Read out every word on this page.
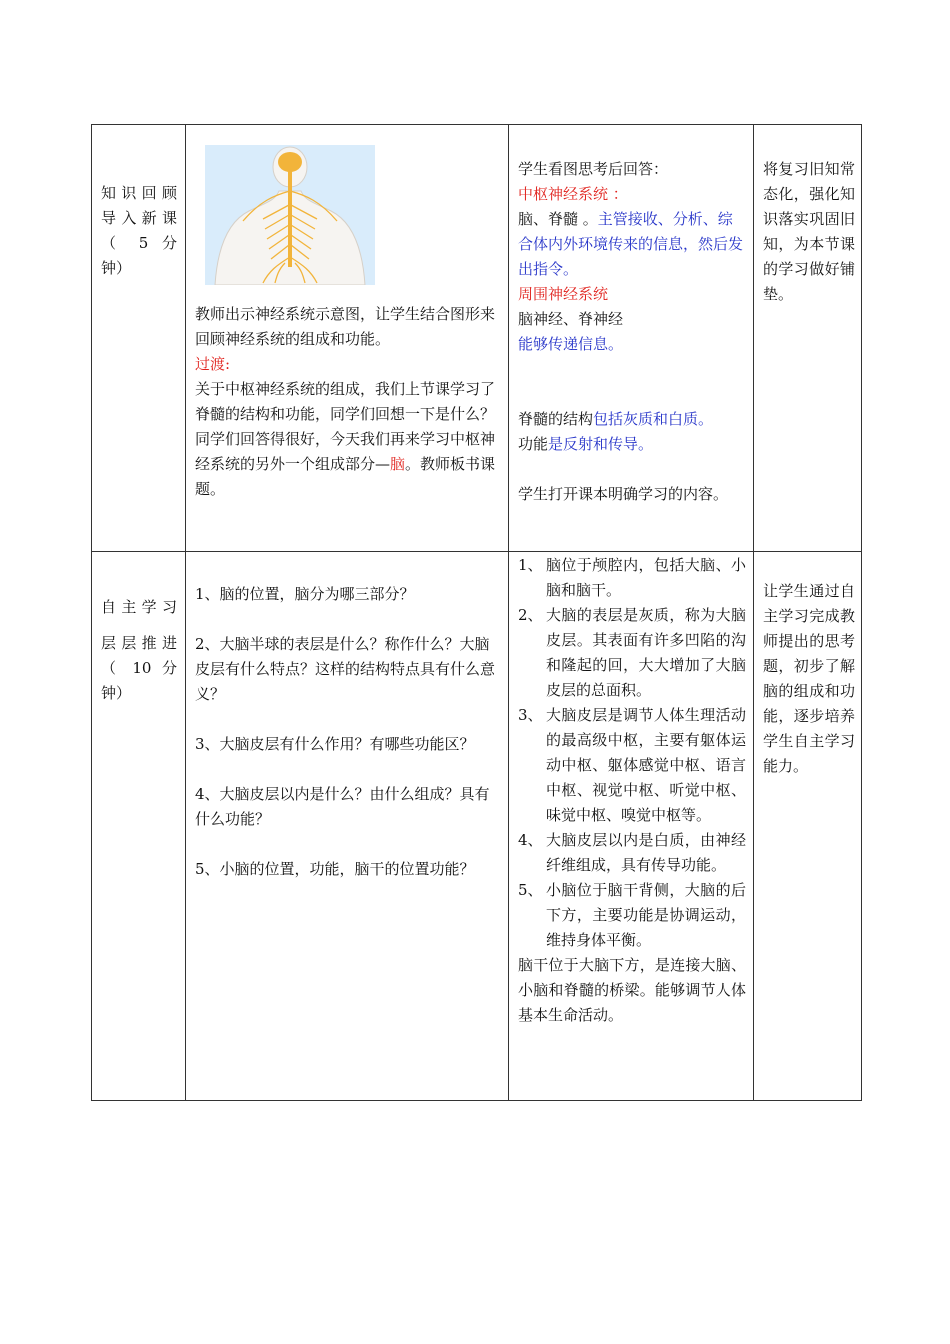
知识回顾

导入新课

（ 5 分

钟）

教师出示神经系统示意图，让学生结合图形来回顾神经系统的组成和功能。

过渡:

关于中枢神经系统的组成，我们上节课学习了脊髓的结构和功能，同学们回想一下是什么？

同学们回答得很好，今天我们再来学习中枢神经系统的另外一个组成部分—脑。教师板书课题。

学生看图思考后回答：

中枢神经系统 ：

脑、脊髓 。主管接收、分析、综合体内外环境传来的信息，然后发出指令。

周围神经系统

脑神经、脊神经

能够传递信息。

脊髓的结构包括灰质和白质。

功能是反射和传导。

学生打开课本明确学习的内容。

将复习旧知常态化，强化知识落实巩固旧知，为本节课的学习做好铺垫。

自主学习

层层推进

（ 10 分

钟）

1、脑的位置，脑分为哪三部分？

2、大脑半球的表层是什么？称作什么？大脑皮层有什么特点？这样的结构特点具有什么意义？

3、大脑皮层有什么作用？有哪些功能区？

4、大脑皮层以内是什么？由什么组成？具有什么功能？

5、小脑的位置，功能，脑干的位置功能？

1、 脑位于颅腔内，包括大脑、小脑和脑干。
2、 大脑的表层是灰质，称为大脑皮层。其表面有许多凹陷的沟和隆起的回，大大增加了大脑皮层的总面积。
3、 大脑皮层是调节人体生理活动的最高级中枢，主要有躯体运动中枢、躯体感觉中枢、语言中枢、视觉中枢、听觉中枢、味觉中枢、嗅觉中枢等。
4、 大脑皮层以内是白质，由神经纤维组成，具有传导功能。
5、 小脑位于脑干背侧，大脑的后下方，主要功能是协调运动，维持身体平衡。

脑干位于大脑下方，是连接大脑、小脑和脊髓的桥梁。能够调节人体基本生命活动。

让学生通过自主学习完成教师提出的思考题，初步了解脑的组成和功能，逐步培养学生自主学习能力。
